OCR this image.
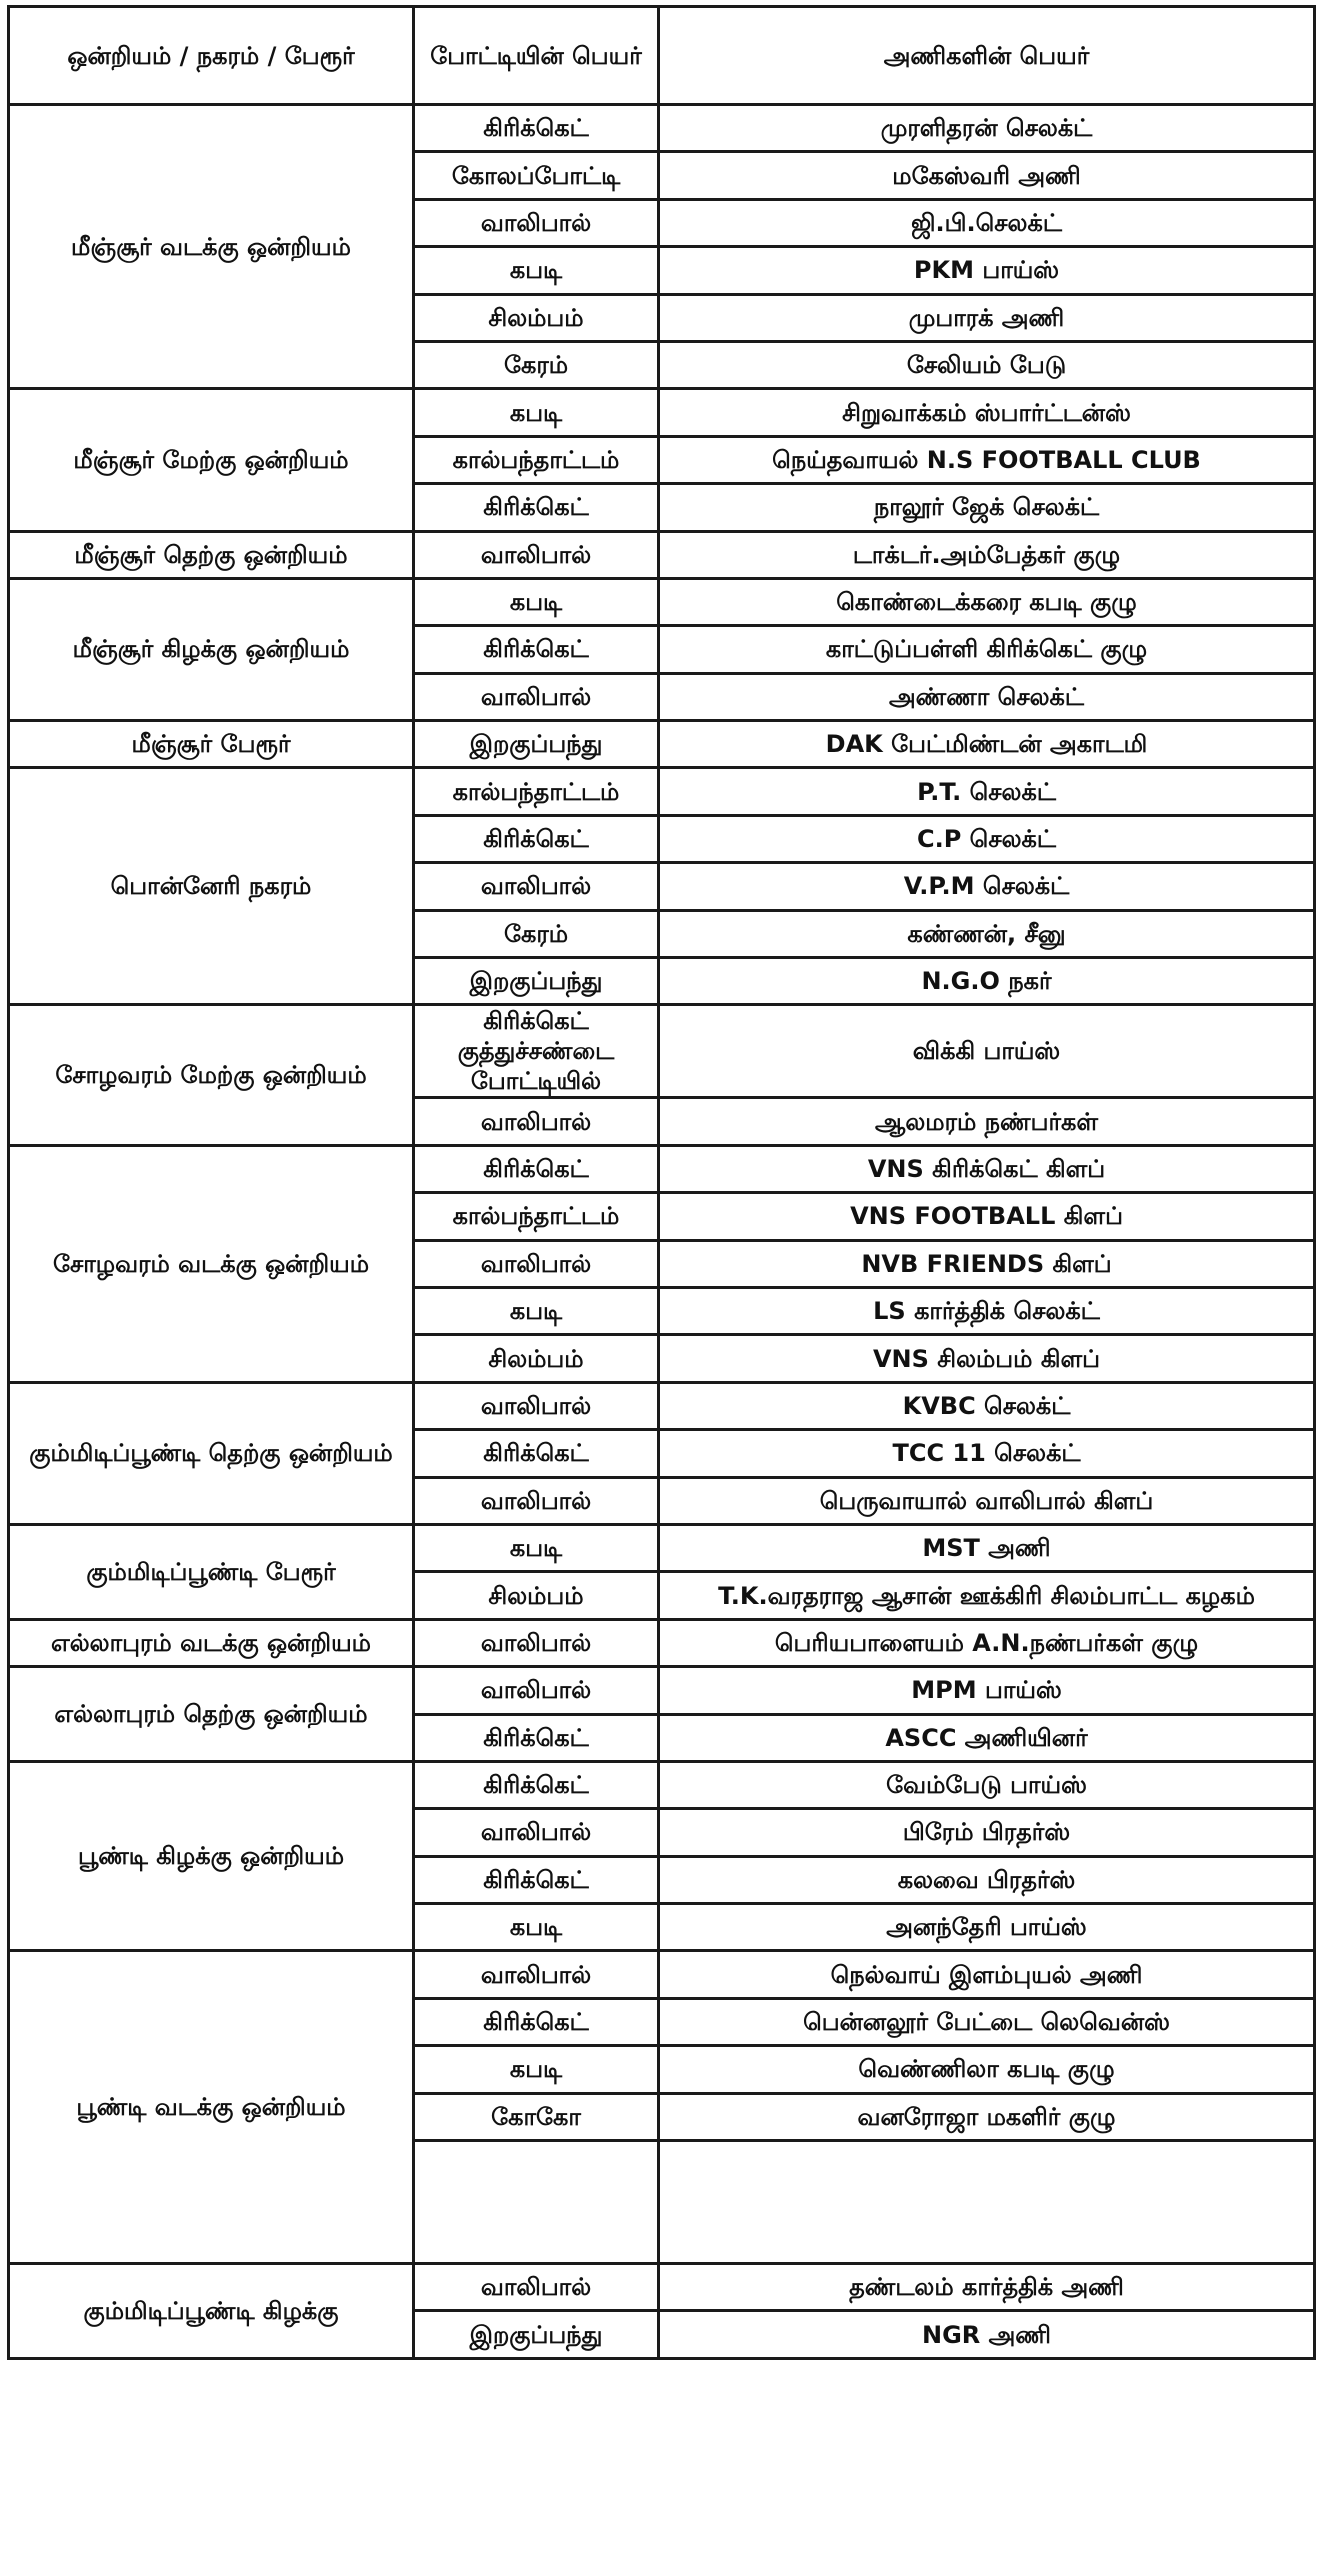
ஒன்றியம் / நகரம் / பேரூர்	போட்டியின் பெயர்	அணிகளின் பெயர்
மீஞ்சூர் வடக்கு ஒன்றியம்	கிரிக்கெட்	முரளிதரன் செலக்ட்
	கோலப்போட்டி	மகேஸ்வரி அணி
	வாலிபால்	ஜி.பி.செலக்ட்
	கபடி	PKM பாய்ஸ்
	சிலம்பம்	முபாரக் அணி
	கேரம்	சேலியம் பேடு
மீஞ்சூர் மேற்கு ஒன்றியம்	கபடி	சிறுவாக்கம் ஸ்பார்ட்டன்ஸ்
	கால்பந்தாட்டம்	நெய்தவாயல் N.S FOOTBALL CLUB
	கிரிக்கெட்	நாலூர் ஜேக் செலக்ட்
மீஞ்சூர் தெற்கு ஒன்றியம்	வாலிபால்	டாக்டர்.அம்பேத்கர் குழு
மீஞ்சூர் கிழக்கு ஒன்றியம்	கபடி	கொண்டைக்கரை கபடி குழு
	கிரிக்கெட்	காட்டுப்பள்ளி கிரிக்கெட் குழு
	வாலிபால்	அண்ணா செலக்ட்
மீஞ்சூர் பேரூர்	இறகுப்பந்து	DAK பேட்மிண்டன் அகாடமி
பொன்னேரி நகரம்	கால்பந்தாட்டம்	P.T. செலக்ட்
	கிரிக்கெட்	C.P செலக்ட்
	வாலிபால்	V.P.M செலக்ட்
	கேரம்	கண்ணன், சீனு
	இறகுப்பந்து	N.G.O நகர்
சோழவரம் மேற்கு ஒன்றியம்	கிரிக்கெட் குத்துச்சண்டை போட்டியில்	விக்கி பாய்ஸ்
	வாலிபால்	ஆலமரம் நண்பர்கள்
சோழவரம் வடக்கு ஒன்றியம்	கிரிக்கெட்	VNS கிரிக்கெட் கிளப்
	கால்பந்தாட்டம்	VNS FOOTBALL கிளப்
	வாலிபால்	NVB FRIENDS கிளப்
	கபடி	LS கார்த்திக் செலக்ட்
	சிலம்பம்	VNS சிலம்பம் கிளப்
கும்மிடிப்பூண்டி தெற்கு ஒன்றியம்	வாலிபால்	KVBC செலக்ட்
	கிரிக்கெட்	TCC 11 செலக்ட்
	வாலிபால்	பெருவாயால் வாலிபால் கிளப்
கும்மிடிப்பூண்டி பேரூர்	கபடி	MST அணி
	சிலம்பம்	T.K.வரதராஜ ஆசான் ஊக்கிரி சிலம்பாட்ட கழகம்
எல்லாபுரம் வடக்கு ஒன்றியம்	வாலிபால்	பெரியபாளையம் A.N.நண்பர்கள் குழு
எல்லாபுரம் தெற்கு ஒன்றியம்	வாலிபால்	MPM பாய்ஸ்
	கிரிக்கெட்	ASCC அணியினர்
பூண்டி கிழக்கு ஒன்றியம்	கிரிக்கெட்	வேம்பேடு பாய்ஸ்
	வாலிபால்	பிரேம் பிரதர்ஸ்
	கிரிக்கெட்	கலவை பிரதர்ஸ்
	கபடி	அனந்தேரி பாய்ஸ்
பூண்டி வடக்கு ஒன்றியம்	வாலிபால்	நெல்வாய் இளம்புயல் அணி
	கிரிக்கெட்	பென்னலூர் பேட்டை லெவென்ஸ்
	கபடி	வெண்ணிலா கபடி குழு
	கோகோ	வனரோஜா மகளிர் குழு

கும்மிடிப்பூண்டி கிழக்கு	வாலிபால்	தண்டலம் கார்த்திக் அணி
	இறகுப்பந்து	NGR அணி
